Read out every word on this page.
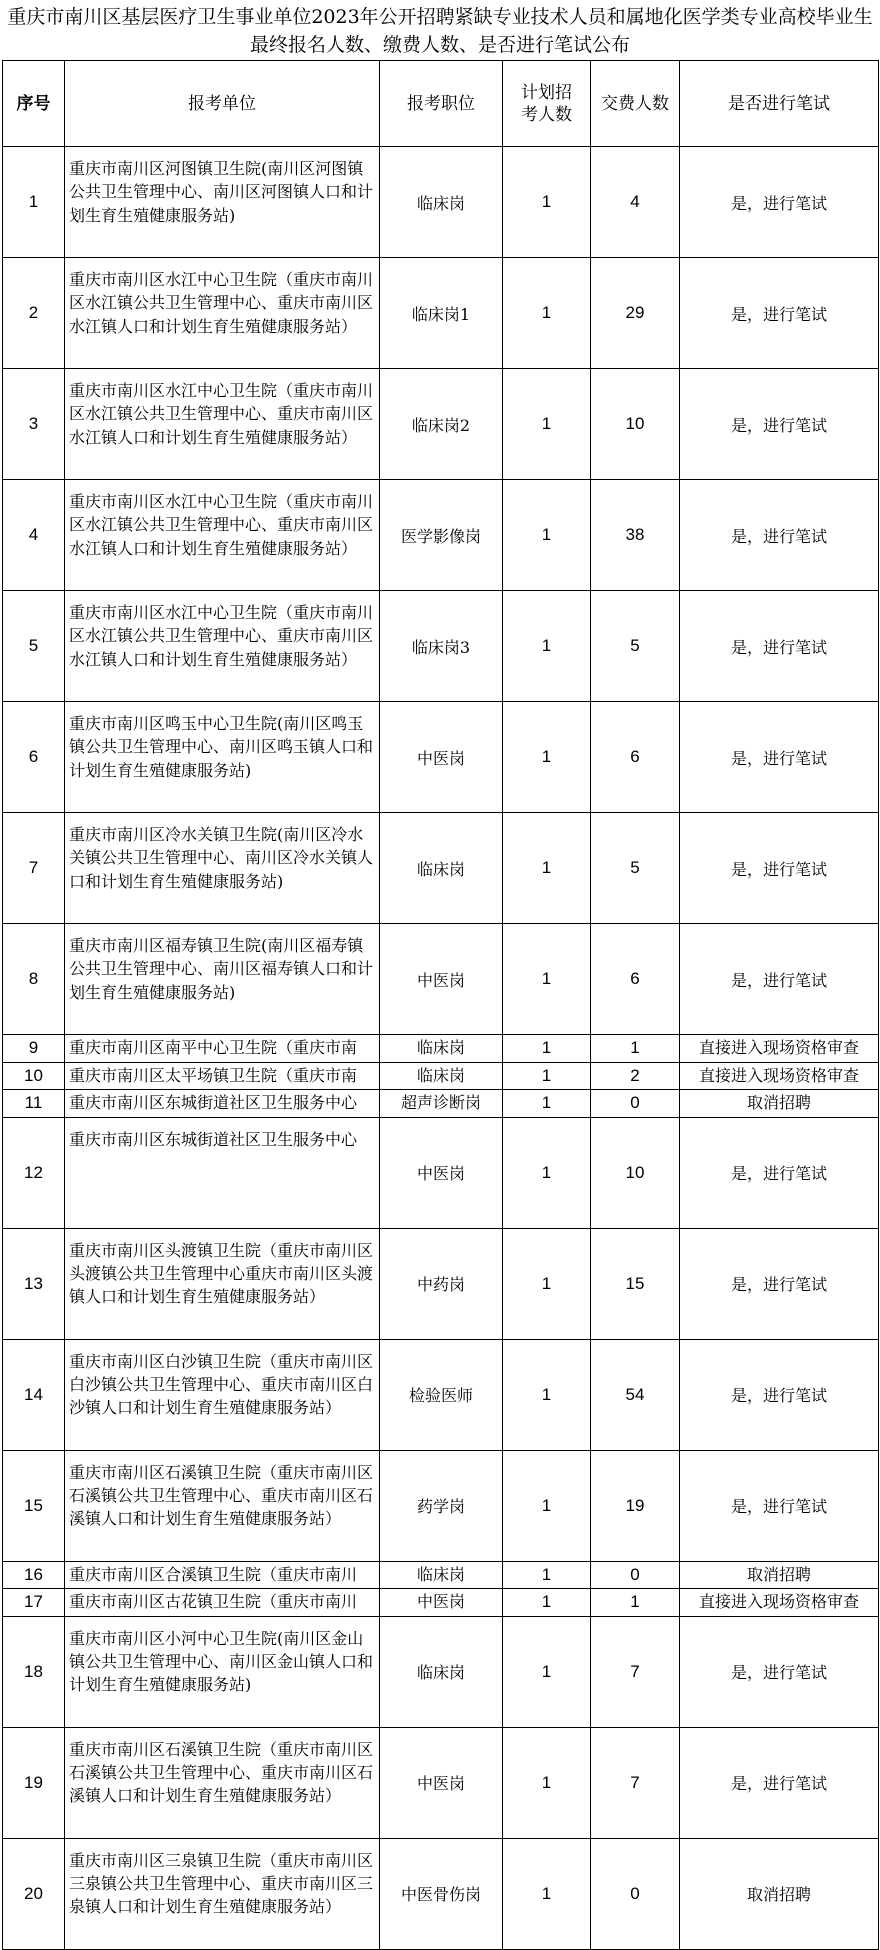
重庆市南川区基层医疗卫生事业单位2023年公开招聘紧缺专业技术人员和属地化医学类专业高校毕业生最终报名人数、缴费人数、是否进行笔试公布
序号	报考单位	报考职位	计划招考人数	交费人数	是否进行笔试
1	重庆市南川区河图镇卫生院(南川区河图镇公共卫生管理中心、南川区河图镇人口和计划生育生殖健康服务站)	临床岗	1	4	是，进行笔试
2	重庆市南川区水江中心卫生院（重庆市南川区水江镇公共卫生管理中心、重庆市南川区水江镇人口和计划生育生殖健康服务站）	临床岗1	1	29	是，进行笔试
3	重庆市南川区水江中心卫生院（重庆市南川区水江镇公共卫生管理中心、重庆市南川区水江镇人口和计划生育生殖健康服务站）	临床岗2	1	10	是，进行笔试
4	重庆市南川区水江中心卫生院（重庆市南川区水江镇公共卫生管理中心、重庆市南川区水江镇人口和计划生育生殖健康服务站）	医学影像岗	1	38	是，进行笔试
5	重庆市南川区水江中心卫生院（重庆市南川区水江镇公共卫生管理中心、重庆市南川区水江镇人口和计划生育生殖健康服务站）	临床岗3	1	5	是，进行笔试
6	重庆市南川区鸣玉中心卫生院(南川区鸣玉镇公共卫生管理中心、南川区鸣玉镇人口和计划生育生殖健康服务站)	中医岗	1	6	是，进行笔试
7	重庆市南川区冷水关镇卫生院(南川区冷水关镇公共卫生管理中心、南川区冷水关镇人口和计划生育生殖健康服务站)	临床岗	1	5	是，进行笔试
8	重庆市南川区福寿镇卫生院(南川区福寿镇公共卫生管理中心、南川区福寿镇人口和计划生育生殖健康服务站)	中医岗	1	6	是，进行笔试
9	重庆市南川区南平中心卫生院（重庆市南	临床岗	1	1	直接进入现场资格审查
10	重庆市南川区太平场镇卫生院（重庆市南	临床岗	1	2	直接进入现场资格审查
11	重庆市南川区东城街道社区卫生服务中心	超声诊断岗	1	0	取消招聘
12	重庆市南川区东城街道社区卫生服务中心	中医岗	1	10	是，进行笔试
13	重庆市南川区头渡镇卫生院（重庆市南川区头渡镇公共卫生管理中心重庆市南川区头渡镇人口和计划生育生殖健康服务站）	中药岗	1	15	是，进行笔试
14	重庆市南川区白沙镇卫生院（重庆市南川区白沙镇公共卫生管理中心、重庆市南川区白沙镇人口和计划生育生殖健康服务站）	检验医师	1	54	是，进行笔试
15	重庆市南川区石溪镇卫生院（重庆市南川区石溪镇公共卫生管理中心、重庆市南川区石溪镇人口和计划生育生殖健康服务站）	药学岗	1	19	是，进行笔试
16	重庆市南川区合溪镇卫生院（重庆市南川	临床岗	1	0	取消招聘
17	重庆市南川区古花镇卫生院（重庆市南川	中医岗	1	1	直接进入现场资格审查
18	重庆市南川区小河中心卫生院(南川区金山镇公共卫生管理中心、南川区金山镇人口和计划生育生殖健康服务站)	临床岗	1	7	是，进行笔试
19	重庆市南川区石溪镇卫生院（重庆市南川区石溪镇公共卫生管理中心、重庆市南川区石溪镇人口和计划生育生殖健康服务站）	中医岗	1	7	是，进行笔试
20	重庆市南川区三泉镇卫生院（重庆市南川区三泉镇公共卫生管理中心、重庆市南川区三泉镇人口和计划生育生殖健康服务站）	中医骨伤岗	1	0	取消招聘
